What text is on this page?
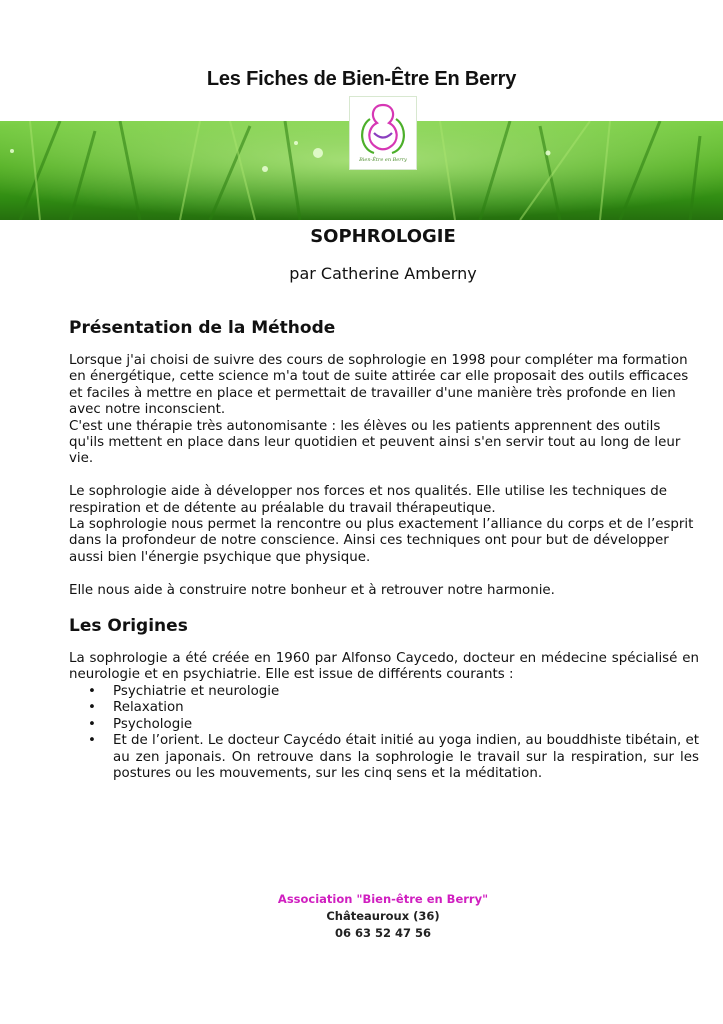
Les Fiches de Bien-Être En Berry
Bien-Être en Berry
SOPHROLOGIE
par Catherine Amberny
Présentation de la Méthode

Lorsque j'ai choisi de suivre des cours de sophrologie en 1998 pour compléter ma formation en énergétique, cette science m'a tout de suite attirée car elle proposait des outils efficaces et faciles à mettre en place et permettait de travailler d'une manière très profonde en lien avec notre inconscient.

C'est une thérapie très autonomisante : les élèves ou les patients apprennent des outils qu'ils mettent en place dans leur quotidien et peuvent ainsi s'en servir tout au long de leur vie.

Le sophrologie aide à développer nos forces et nos qualités. Elle utilise les techniques de respiration et de détente au préalable du travail thérapeutique.

La sophrologie nous permet la rencontre ou plus exactement l’alliance du corps et de l’esprit dans la profondeur de notre conscience. Ainsi ces techniques ont pour but de développer aussi bien l'énergie psychique que physique.

Elle nous aide à construire notre bonheur et à retrouver notre harmonie.

Les Origines

La sophrologie a été créée en 1960 par Alfonso Caycedo, docteur en médecine spécialisé en neurologie et en psychiatrie. Elle est issue de différents courants :

• Psychiatrie et neurologie
• Relaxation
• Psychologie
• Et de l’orient. Le docteur Caycédo était initié au yoga indien, au bouddhiste tibétain, et au zen japonais. On retrouve dans la sophrologie le travail sur la respiration, sur les postures ou les mouvements, sur les cinq sens et la méditation.
Association "Bien-être en Berry"
Châteauroux (36)
06 63 52 47 56
